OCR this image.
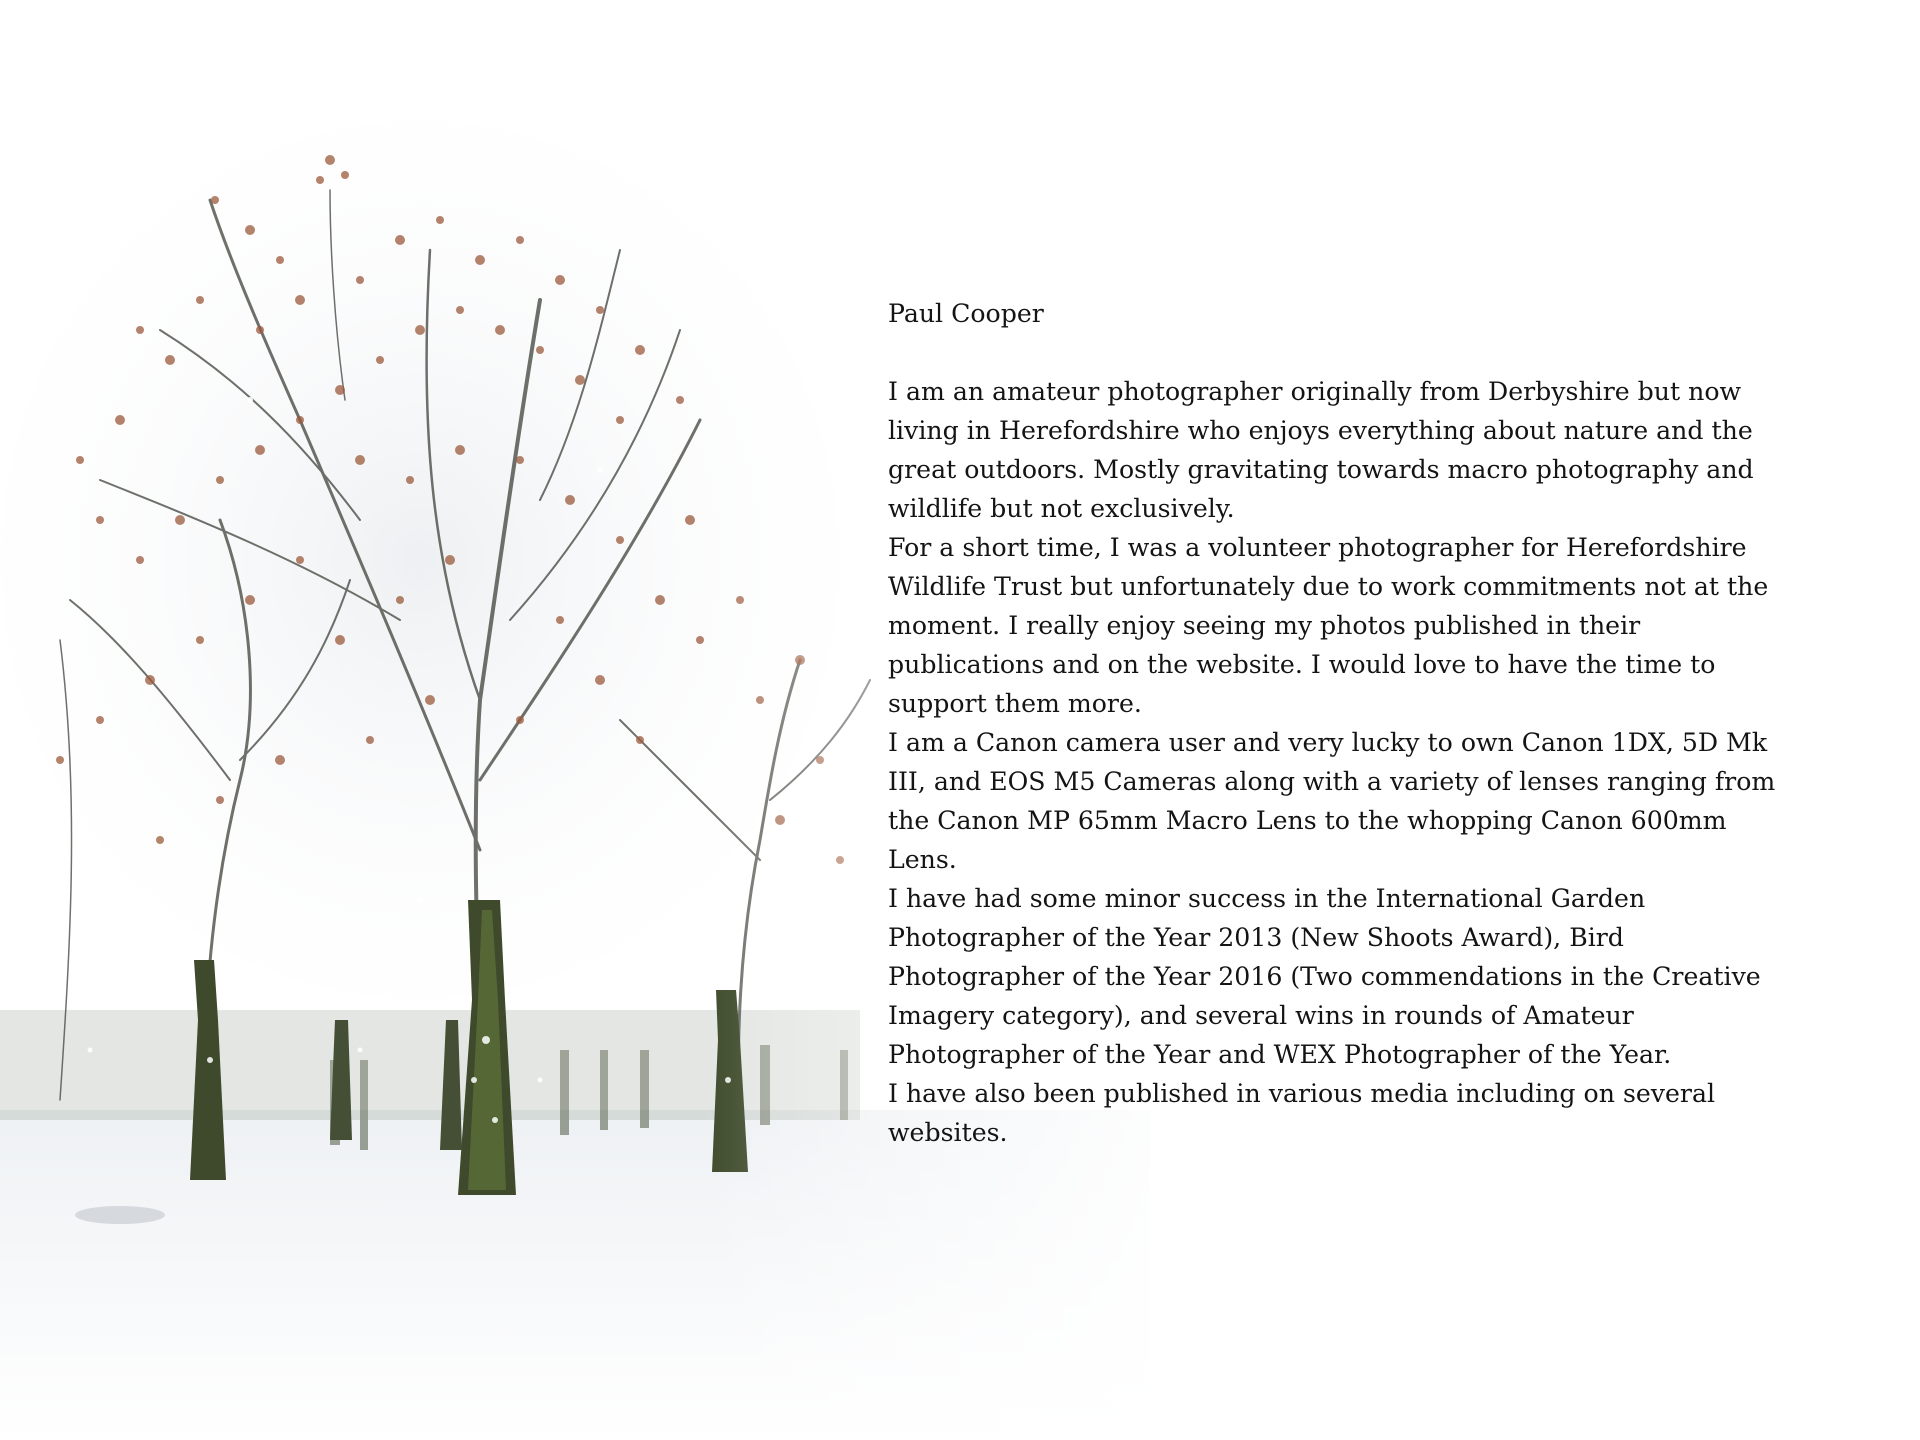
Paul Cooper

I am an amateur photographer originally from Derbyshire but now living in Herefordshire who enjoys everything about nature and the great outdoors. Mostly gravitating towards macro photography and wildlife but not exclusively.

For a short time, I was a volunteer photographer for Herefordshire Wildlife Trust but unfortunately due to work commitments not at the moment. I really enjoy seeing my photos published in their publications and on the website. I would love to have the time to support them more.

I am a Canon camera user and very lucky to own Canon 1DX, 5D Mk III, and EOS M5 Cameras along with a variety of lenses ranging from the Canon MP 65mm Macro Lens to the whopping Canon 600mm Lens.

I have had some minor success in the International Garden Photographer of the Year 2013 (New Shoots Award), Bird Photographer of the Year 2016 (Two commendations in the Creative Imagery category), and several wins in rounds of Amateur Photographer of the Year and WEX Photographer of the Year.

I have also been published in various media including on several websites.
